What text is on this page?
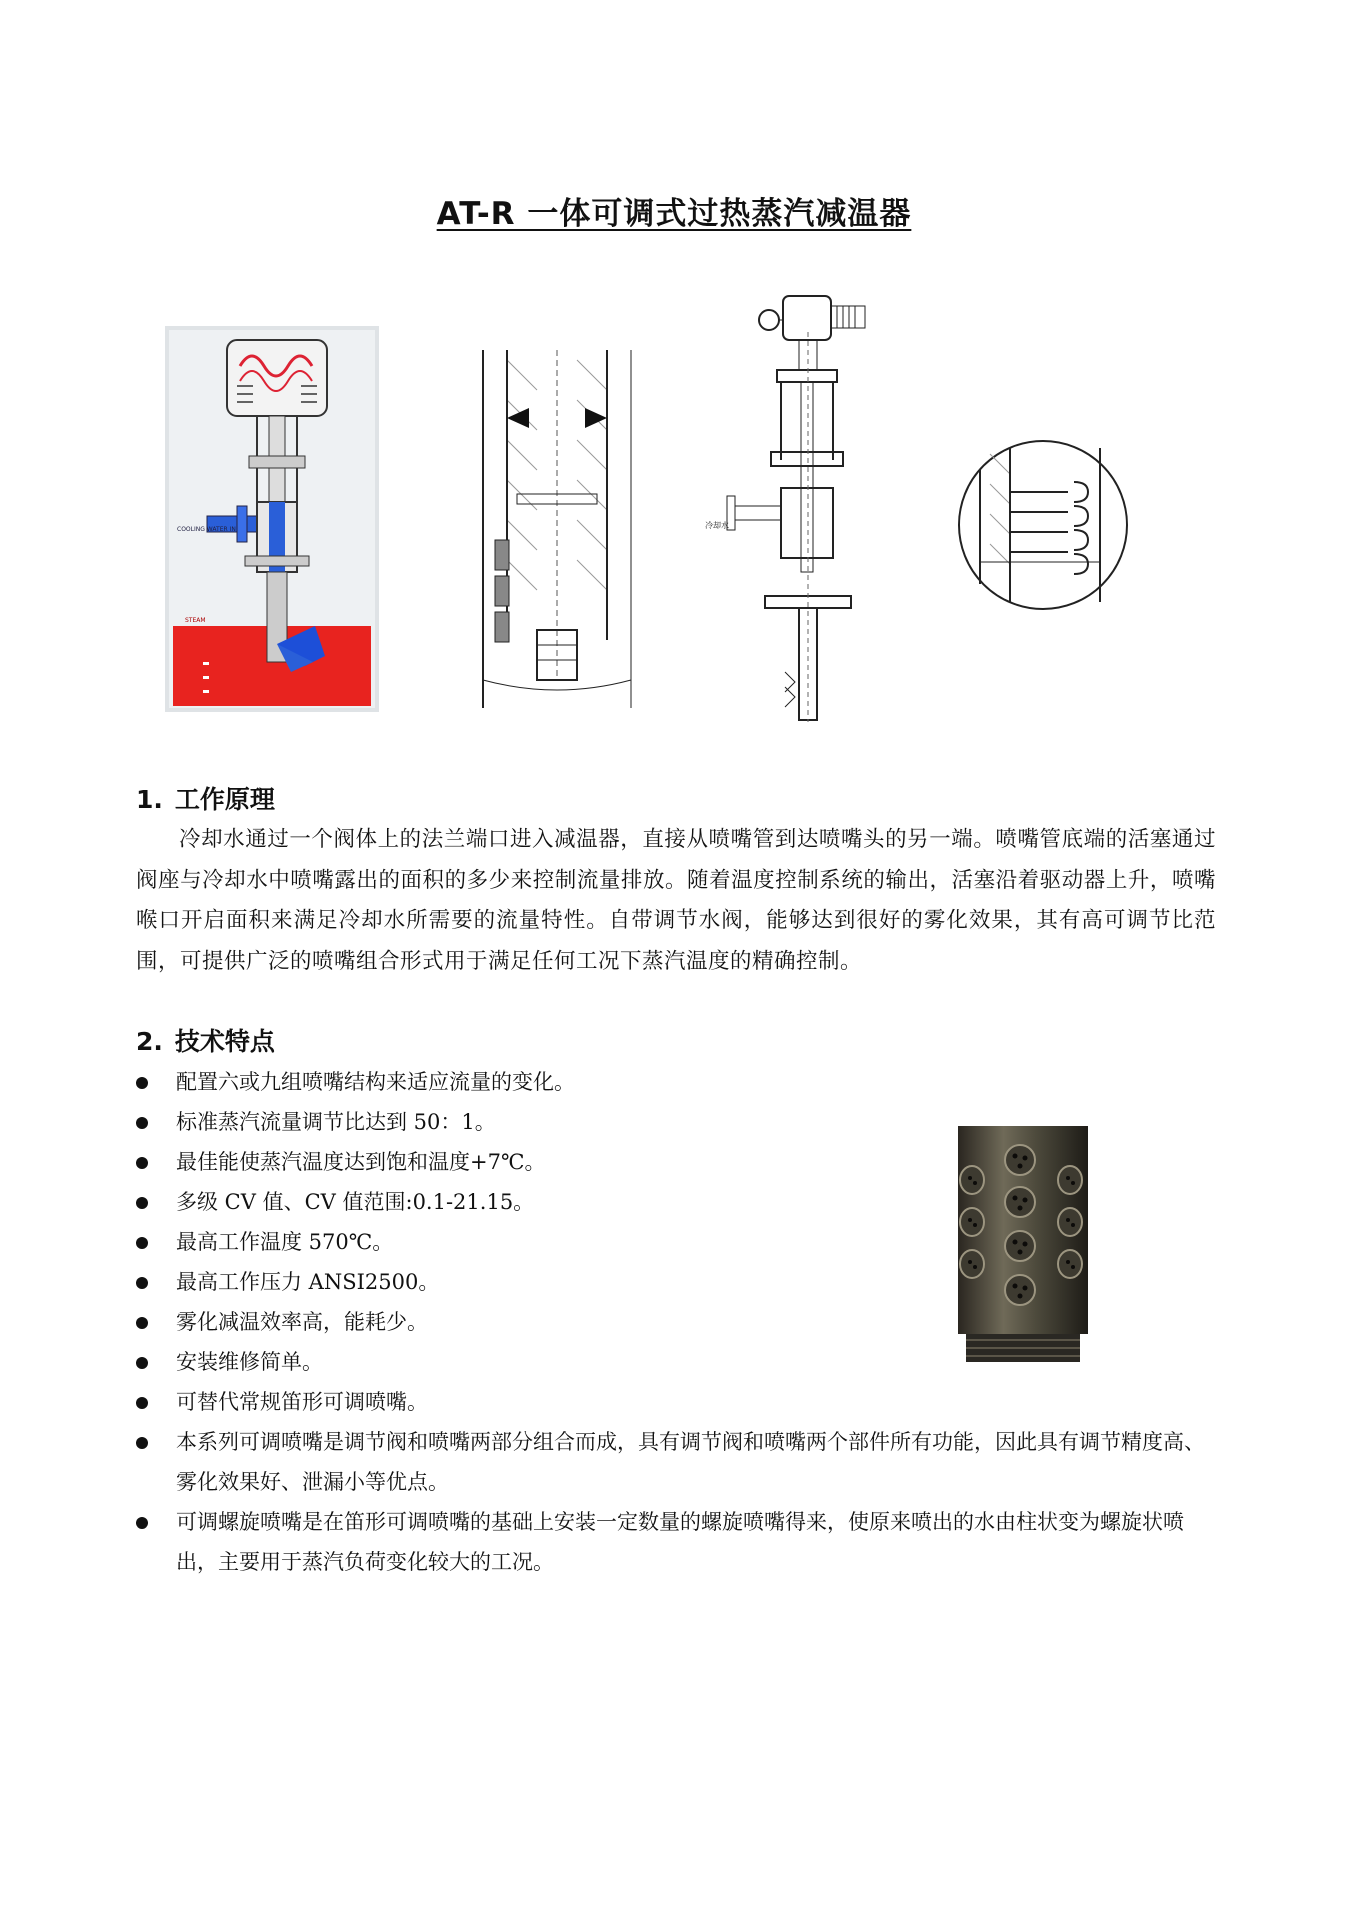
AT-R 一体可调式过热蒸汽减温器
COOLING WATER IN
STEAM
冷却水
1. 工作原理
冷却水通过一个阀体上的法兰端口进入减温器，直接从喷嘴管到达喷嘴头的另一端。喷嘴管底端的活塞通过阀座与冷却水中喷嘴露出的面积的多少来控制流量排放。随着温度控制系统的输出，活塞沿着驱动器上升，喷嘴喉口开启面积来满足冷却水所需要的流量特性。自带调节水阀，能够达到很好的雾化效果，其有高可调节比范围，可提供广泛的喷嘴组合形式用于满足任何工况下蒸汽温度的精确控制。
2. 技术特点
配置六或九组喷嘴结构来适应流量的变化。
标准蒸汽流量调节比达到 50：1。
最佳能使蒸汽温度达到饱和温度+7℃。
多级 CV 值、CV 值范围:0.1-21.15。
最高工作温度 570℃。
最高工作压力 ANSI2500。
雾化减温效率高，能耗少。
安装维修简单。
可替代常规笛形可调喷嘴。
本系列可调喷嘴是调节阀和喷嘴两部分组合而成，具有调节阀和喷嘴两个部件所有功能，因此具有调节精度高、雾化效果好、泄漏小等优点。
可调螺旋喷嘴是在笛形可调喷嘴的基础上安装一定数量的螺旋喷嘴得来，使原来喷出的水由柱状变为螺旋状喷出，主要用于蒸汽负荷变化较大的工况。
